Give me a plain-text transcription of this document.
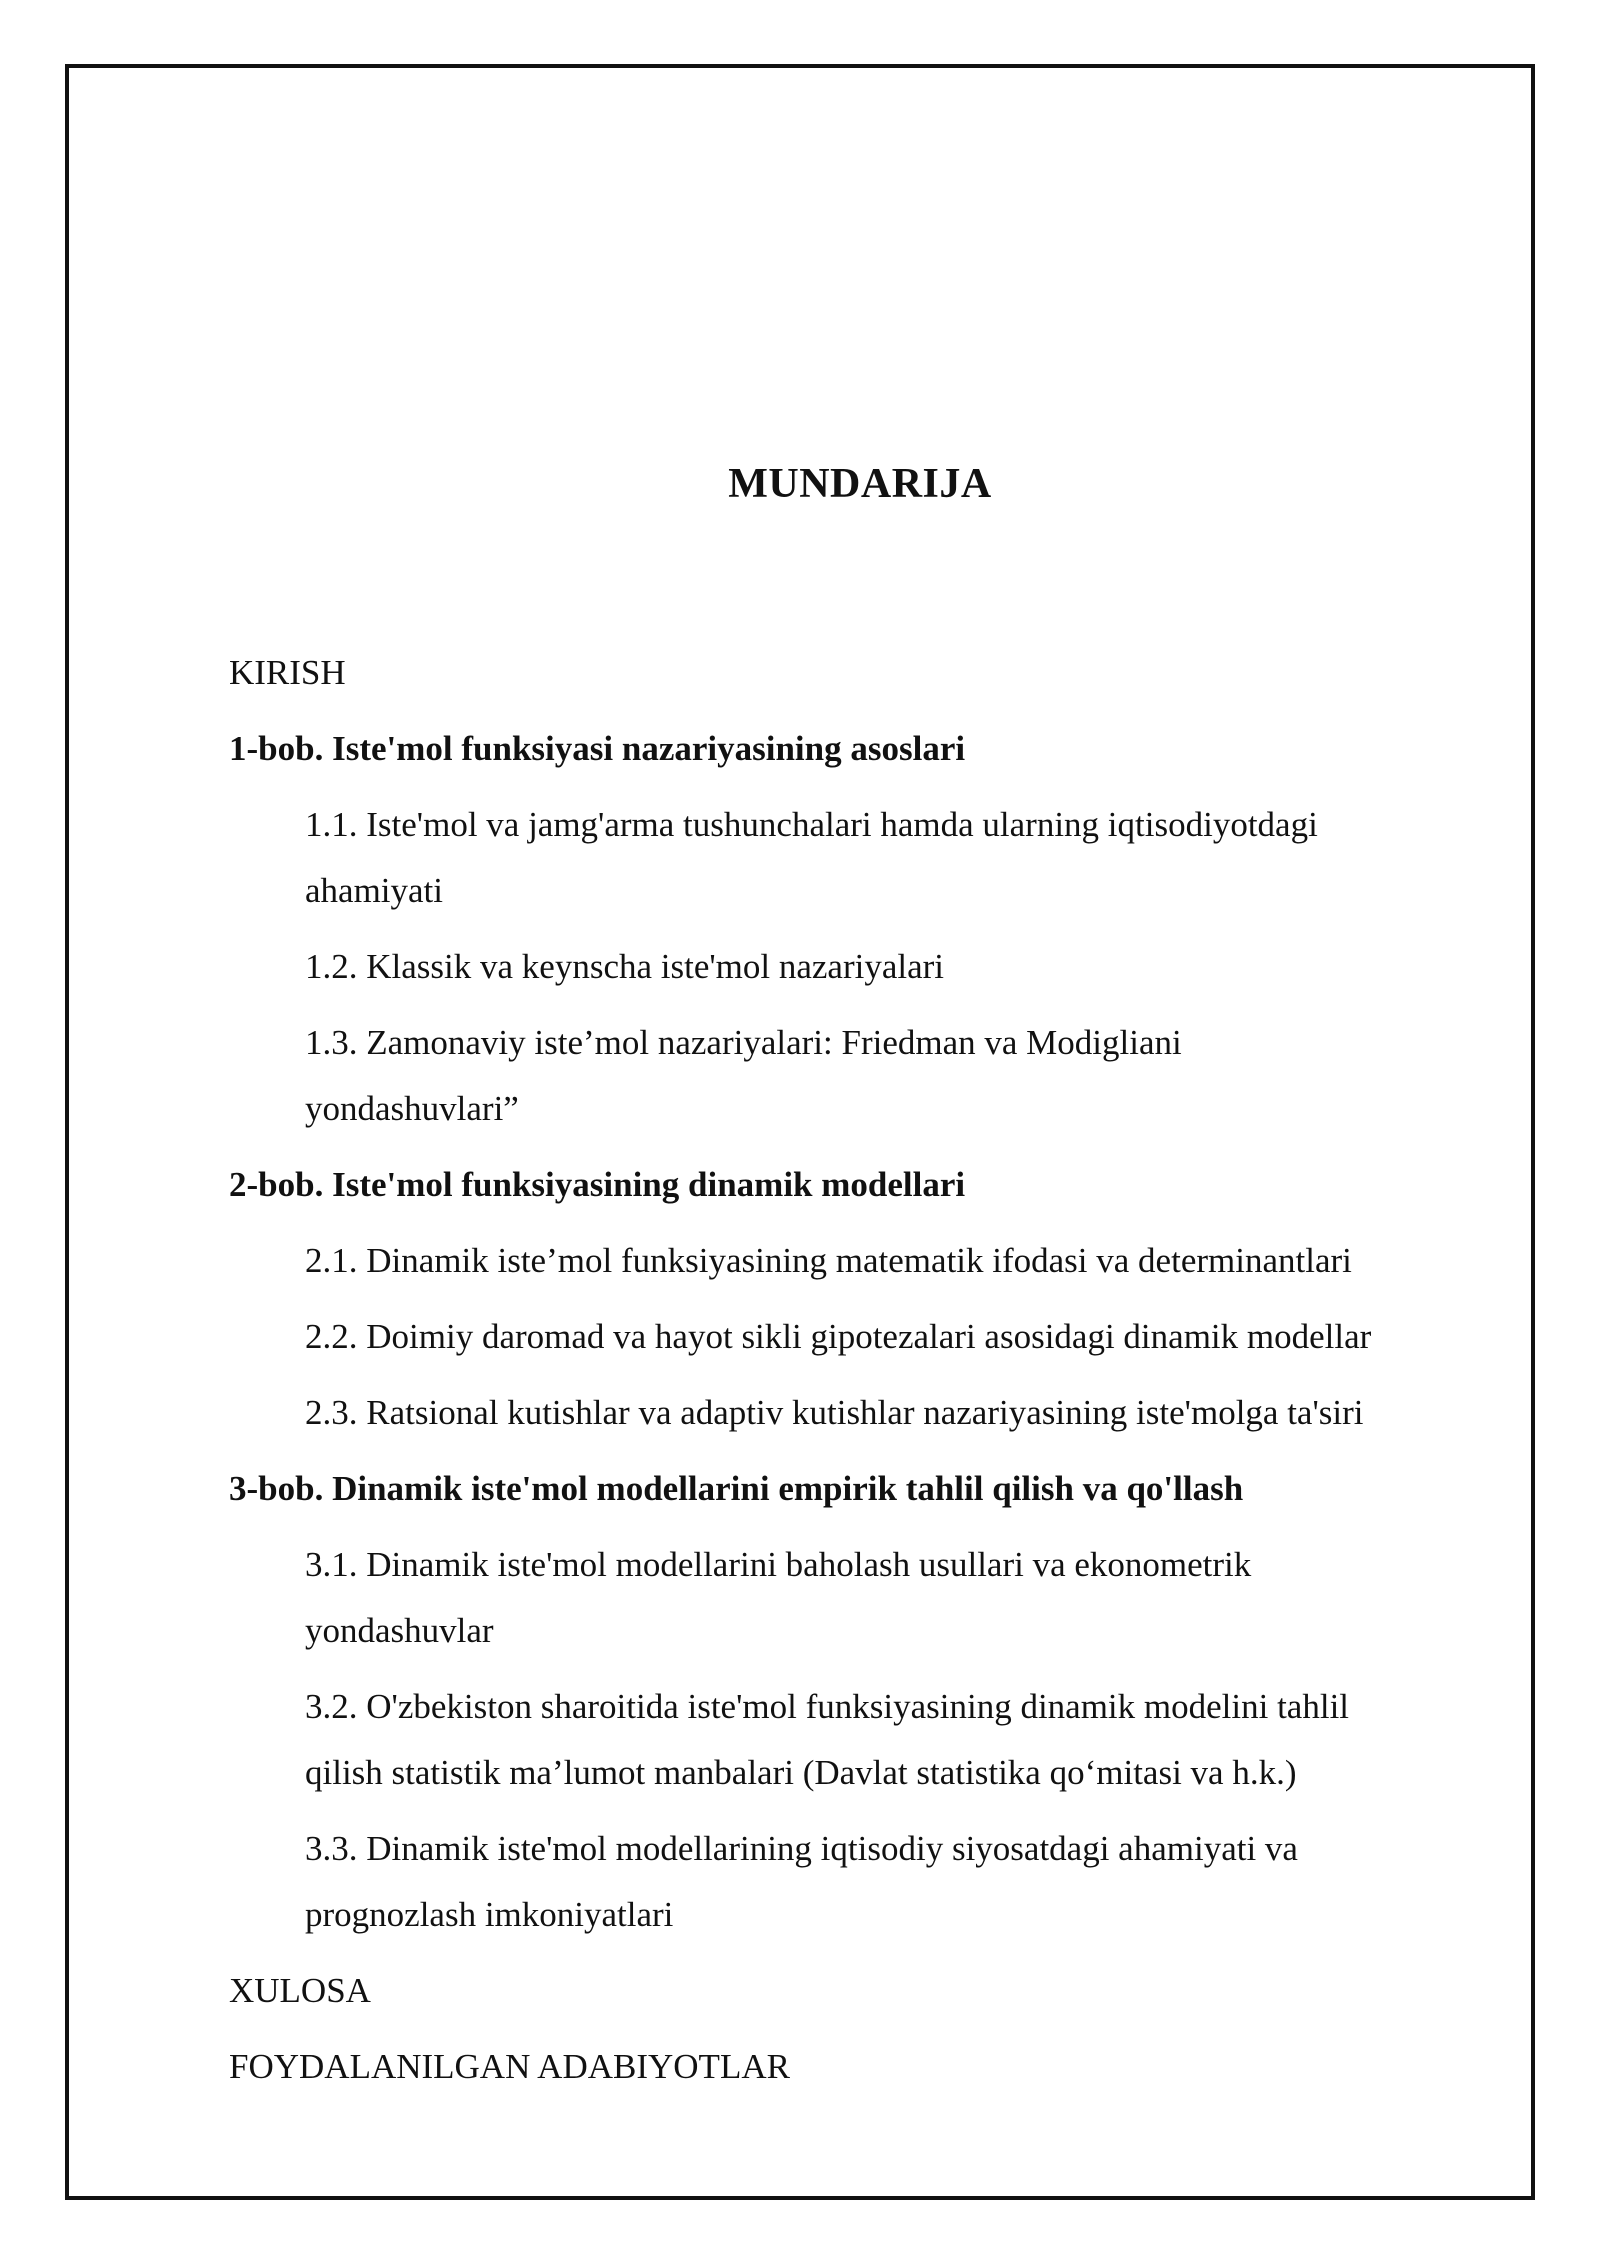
MUNDARIJA
KIRISH
1-bob. Iste'mol funksiyasi nazariyasining asoslari
1.1. Iste'mol va jamg'arma tushunchalari hamda ularning iqtisodiyotdagi
ahamiyati
1.2. Klassik va keynscha iste'mol nazariyalari
1.3. Zamonaviy iste’mol nazariyalari: Friedman va Modigliani
yondashuvlari”
2-bob. Iste'mol funksiyasining dinamik modellari
2.1. Dinamik iste’mol funksiyasining matematik ifodasi va determinantlari
2.2. Doimiy daromad va hayot sikli gipotezalari asosidagi dinamik modellar
2.3. Ratsional kutishlar va adaptiv kutishlar nazariyasining iste'molga ta'siri
3-bob. Dinamik iste'mol modellarini empirik tahlil qilish va qo'llash
3.1. Dinamik iste'mol modellarini baholash usullari va ekonometrik
yondashuvlar
3.2. O'zbekiston sharoitida iste'mol funksiyasining dinamik modelini tahlil
qilish statistik ma’lumot manbalari (Davlat statistika qo‘mitasi va h.k.)
3.3. Dinamik iste'mol modellarining iqtisodiy siyosatdagi ahamiyati va
prognozlash imkoniyatlari
XULOSA
FOYDALANILGAN ADABIYOTLAR
